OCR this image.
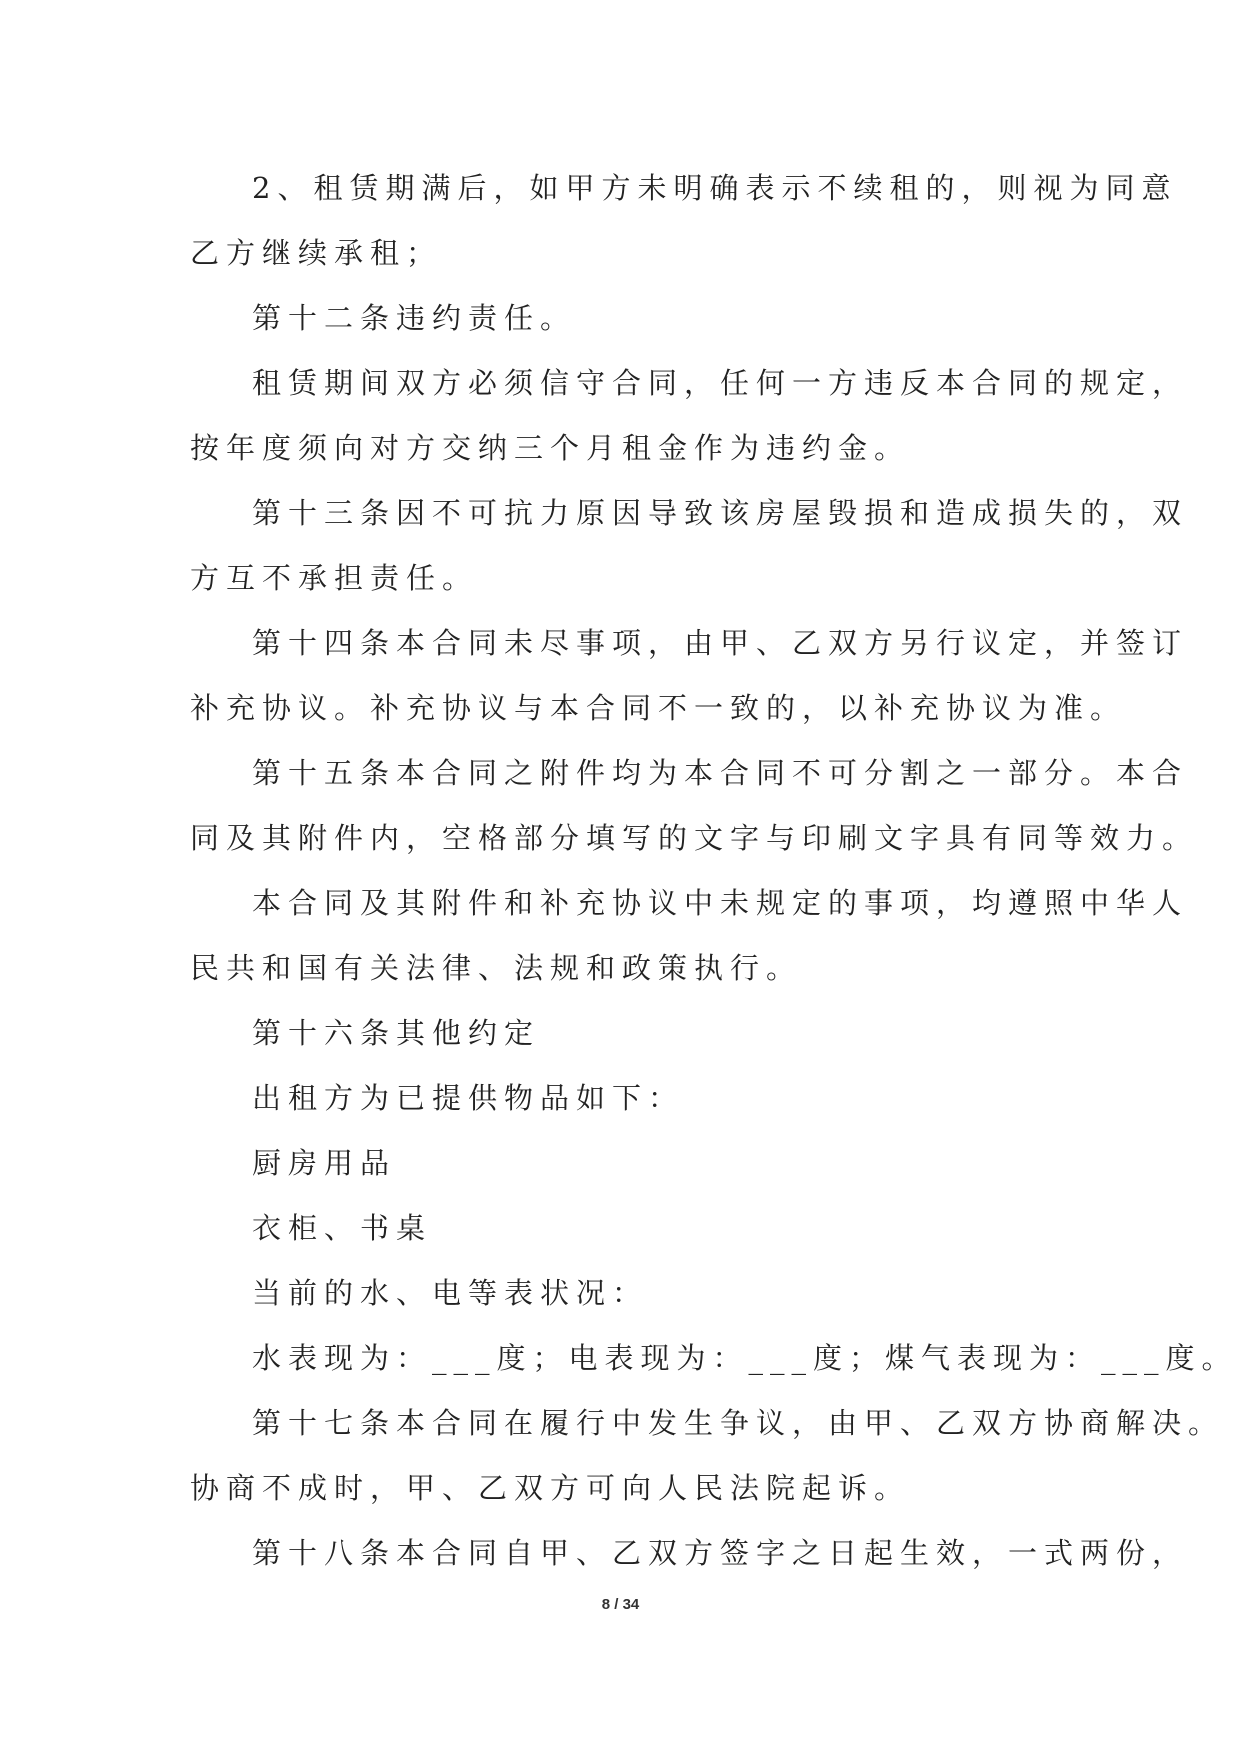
2、租赁期满后，如甲方未明确表示不续租的，则视为同意
乙方继续承租；
第十二条违约责任。
租赁期间双方必须信守合同，任何一方违反本合同的规定，
按年度须向对方交纳三个月租金作为违约金。
第十三条因不可抗力原因导致该房屋毁损和造成损失的，双
方互不承担责任。
第十四条本合同未尽事项，由甲、乙双方另行议定，并签订
补充协议。补充协议与本合同不一致的，以补充协议为准。
第十五条本合同之附件均为本合同不可分割之一部分。本合
同及其附件内，空格部分填写的文字与印刷文字具有同等效力。
本合同及其附件和补充协议中未规定的事项，均遵照中华人
民共和国有关法律、法规和政策执行。
第十六条其他约定
出租方为已提供物品如下：
厨房用品
衣柜、书桌
当前的水、电等表状况：
水表现为：___度；电表现为：___度；煤气表现为：___度。
第十七条本合同在履行中发生争议，由甲、乙双方协商解决。
协商不成时，甲、乙双方可向人民法院起诉。
第十八条本合同自甲、乙双方签字之日起生效，一式两份，
8 / 34
